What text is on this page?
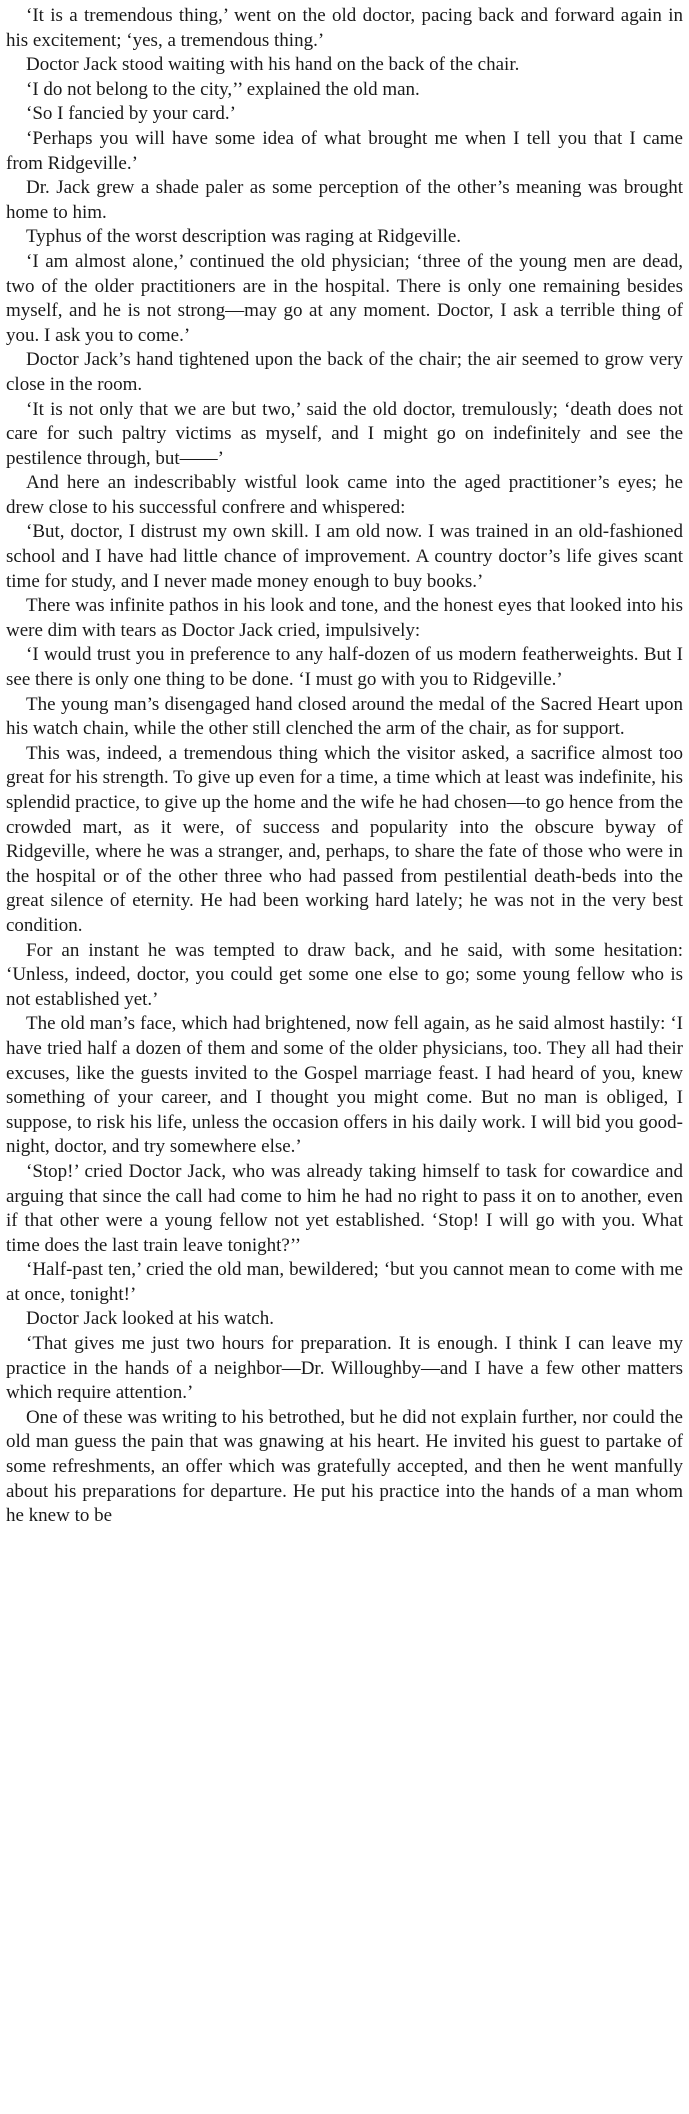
‘It is a tremendous thing,’ went on the old doctor, pacing back and forward again in his excitement; ‘yes, a tremendous thing.’

Doctor Jack stood waiting with his hand on the back of the chair.

‘I do not belong to the city,’’ explained the old man.

‘So I fancied by your card.’

‘Perhaps you will have some idea of what brought me when I tell you that I came from Ridgeville.’

Dr. Jack grew a shade paler as some perception of the other’s meaning was brought home to him.

Typhus of the worst description was raging at Ridgeville.

‘I am almost alone,’ continued the old physician; ‘three of the young men are dead, two of the older practitioners are in the hospital. There is only one remaining besides myself, and he is not strong—may go at any moment. Doctor, I ask a terrible thing of you. I ask you to come.’

Doctor Jack’s hand tightened upon the back of the chair; the air seemed to grow very close in the room.

‘It is not only that we are but two,’ said the old doctor, tremulously; ‘death does not care for such paltry victims as myself, and I might go on indefinitely and see the pestilence through, but——’

And here an indescribably wistful look came into the aged practitioner’s eyes; he drew close to his successful confrere and whispered:

‘But, doctor, I distrust my own skill. I am old now. I was trained in an old-fashioned school and I have had little chance of improvement. A country doctor’s life gives scant time for study, and I never made money enough to buy books.’

There was infinite pathos in his look and tone, and the honest eyes that looked into his were dim with tears as Doctor Jack cried, impulsively:

‘I would trust you in preference to any half-dozen of us modern featherweights. But I see there is only one thing to be done. ‘I must go with you to Ridgeville.’

The young man’s disengaged hand closed around the medal of the Sacred Heart upon his watch chain, while the other still clenched the arm of the chair, as for support.

This was, indeed, a tremendous thing which the visitor asked, a sacrifice almost too great for his strength. To give up even for a time, a time which at least was indefinite, his splendid practice, to give up the home and the wife he had chosen—to go hence from the crowded mart, as it were, of success and popularity into the obscure byway of Ridgeville, where he was a stranger, and, perhaps, to share the fate of those who were in the hospital or of the other three who had passed from pestilential death-beds into the great silence of eternity. He had been working hard lately; he was not in the very best condition.

For an instant he was tempted to draw back, and he said, with some hesitation: ‘Unless, indeed, doctor, you could get some one else to go; some young fellow who is not established yet.’

The old man’s face, which had brightened, now fell again, as he said almost hastily: ‘I have tried half a dozen of them and some of the older physicians, too. They all had their excuses, like the guests invited to the Gospel marriage feast. I had heard of you, knew something of your career, and I thought you might come. But no man is obliged, I suppose, to risk his life, unless the occasion offers in his daily work. I will bid you good-night, doctor, and try somewhere else.’

‘Stop!’ cried Doctor Jack, who was already taking himself to task for cowardice and arguing that since the call had come to him he had no right to pass it on to another, even if that other were a young fellow not yet established. ‘Stop! I will go with you. What time does the last train leave tonight?’’

‘Half-past ten,’ cried the old man, bewildered; ‘but you cannot mean to come with me at once, tonight!’

Doctor Jack looked at his watch.

‘That gives me just two hours for preparation. It is enough. I think I can leave my practice in the hands of a neighbor—Dr. Willoughby—and I have a few other matters which require attention.’

One of these was writing to his betrothed, but he did not explain further, nor could the old man guess the pain that was gnawing at his heart. He invited his guest to partake of some refreshments, an offer which was gratefully accepted, and then he went manfully about his preparations for departure. He put his practice into the hands of a man whom he knew to be
